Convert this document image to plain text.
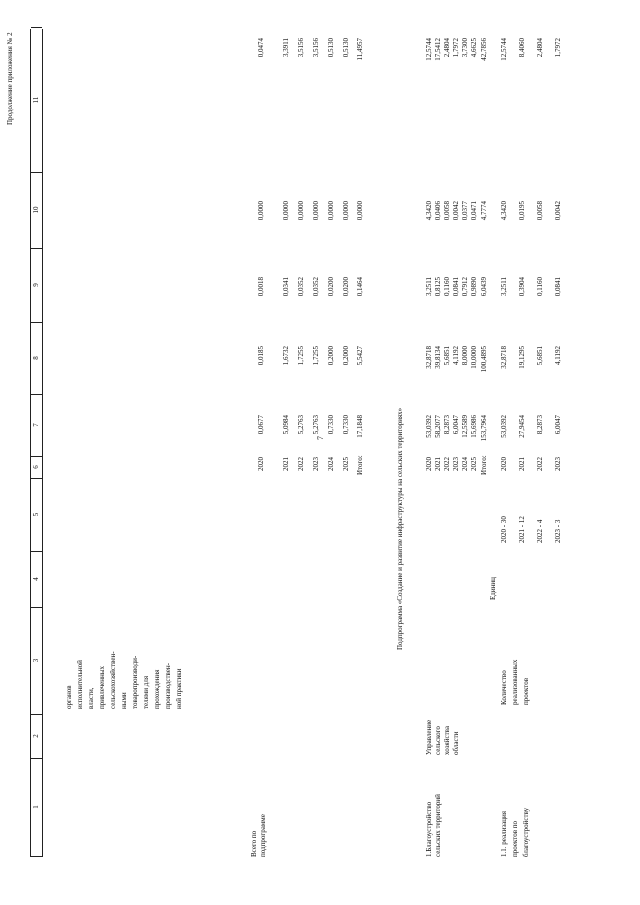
7
Продолжение приложения № 2
1
2
3
4
5
6
7
8
9
10
11
органов исполнительной власти, привлеченных сельскохозяйствен- ными товаропроизводи- телями для прохождения производствен- ной практики
Всего по подпрограмме
2020
0,0677
0,0185
0,0018
0,0000
0,0474
2021
5,0984
1,6732
0,0341
0,0000
3,3911
2022
5,2763
1,7255
0,0352
0,0000
3,5156
2023
5,2763
1,7255
0,0352
0,0000
3,5156
2024
0,7330
0,2000
0,0200
0,0000
0,5130
2025
0,7330
0,2000
0,0200
0,0000
0,5130
Итого:
17,1848
5,5427
0,1464
0,0000
11,4957
Подпрограмма «Создание и развитие инфраструктуры на сельских территориях»
1.Благоустройство сельских территорий
Управление сельского хозяйства области
2020
53,0392
32,8718
3,2511
4,3420
12,5744
2021
58,2077
39,8134
0,8125
0,0406
17,5412
2022
8,2873
5,6851
0,1160
0,0058
2,4804
2023
6,0047
4,1192
0,0841
0,0042
1,7972
2024
12,5589
8,0000
0,7912
0,0377
3,7300
2025
15,6986
10,0000
0,9890
0,0471
4,6625
Итого:
153,7964
100,4895
6,0439
4,7774
42,7856
1.1. реализация проектов по благоустройству
Количество реализованных проектов
Единиц
2020
53,0392
32,8718
3,2511
4,3420
12,5744
2020 - 30
2021
27,9454
19,1295
0,3904
0,0195
8,4060
2021 - 12
2022
8,2873
5,6851
0,1160
0,0058
2,4804
2022 - 4
2023
6,0047
4,1192
0,0841
0,0042
1,7972
2023 - 3
